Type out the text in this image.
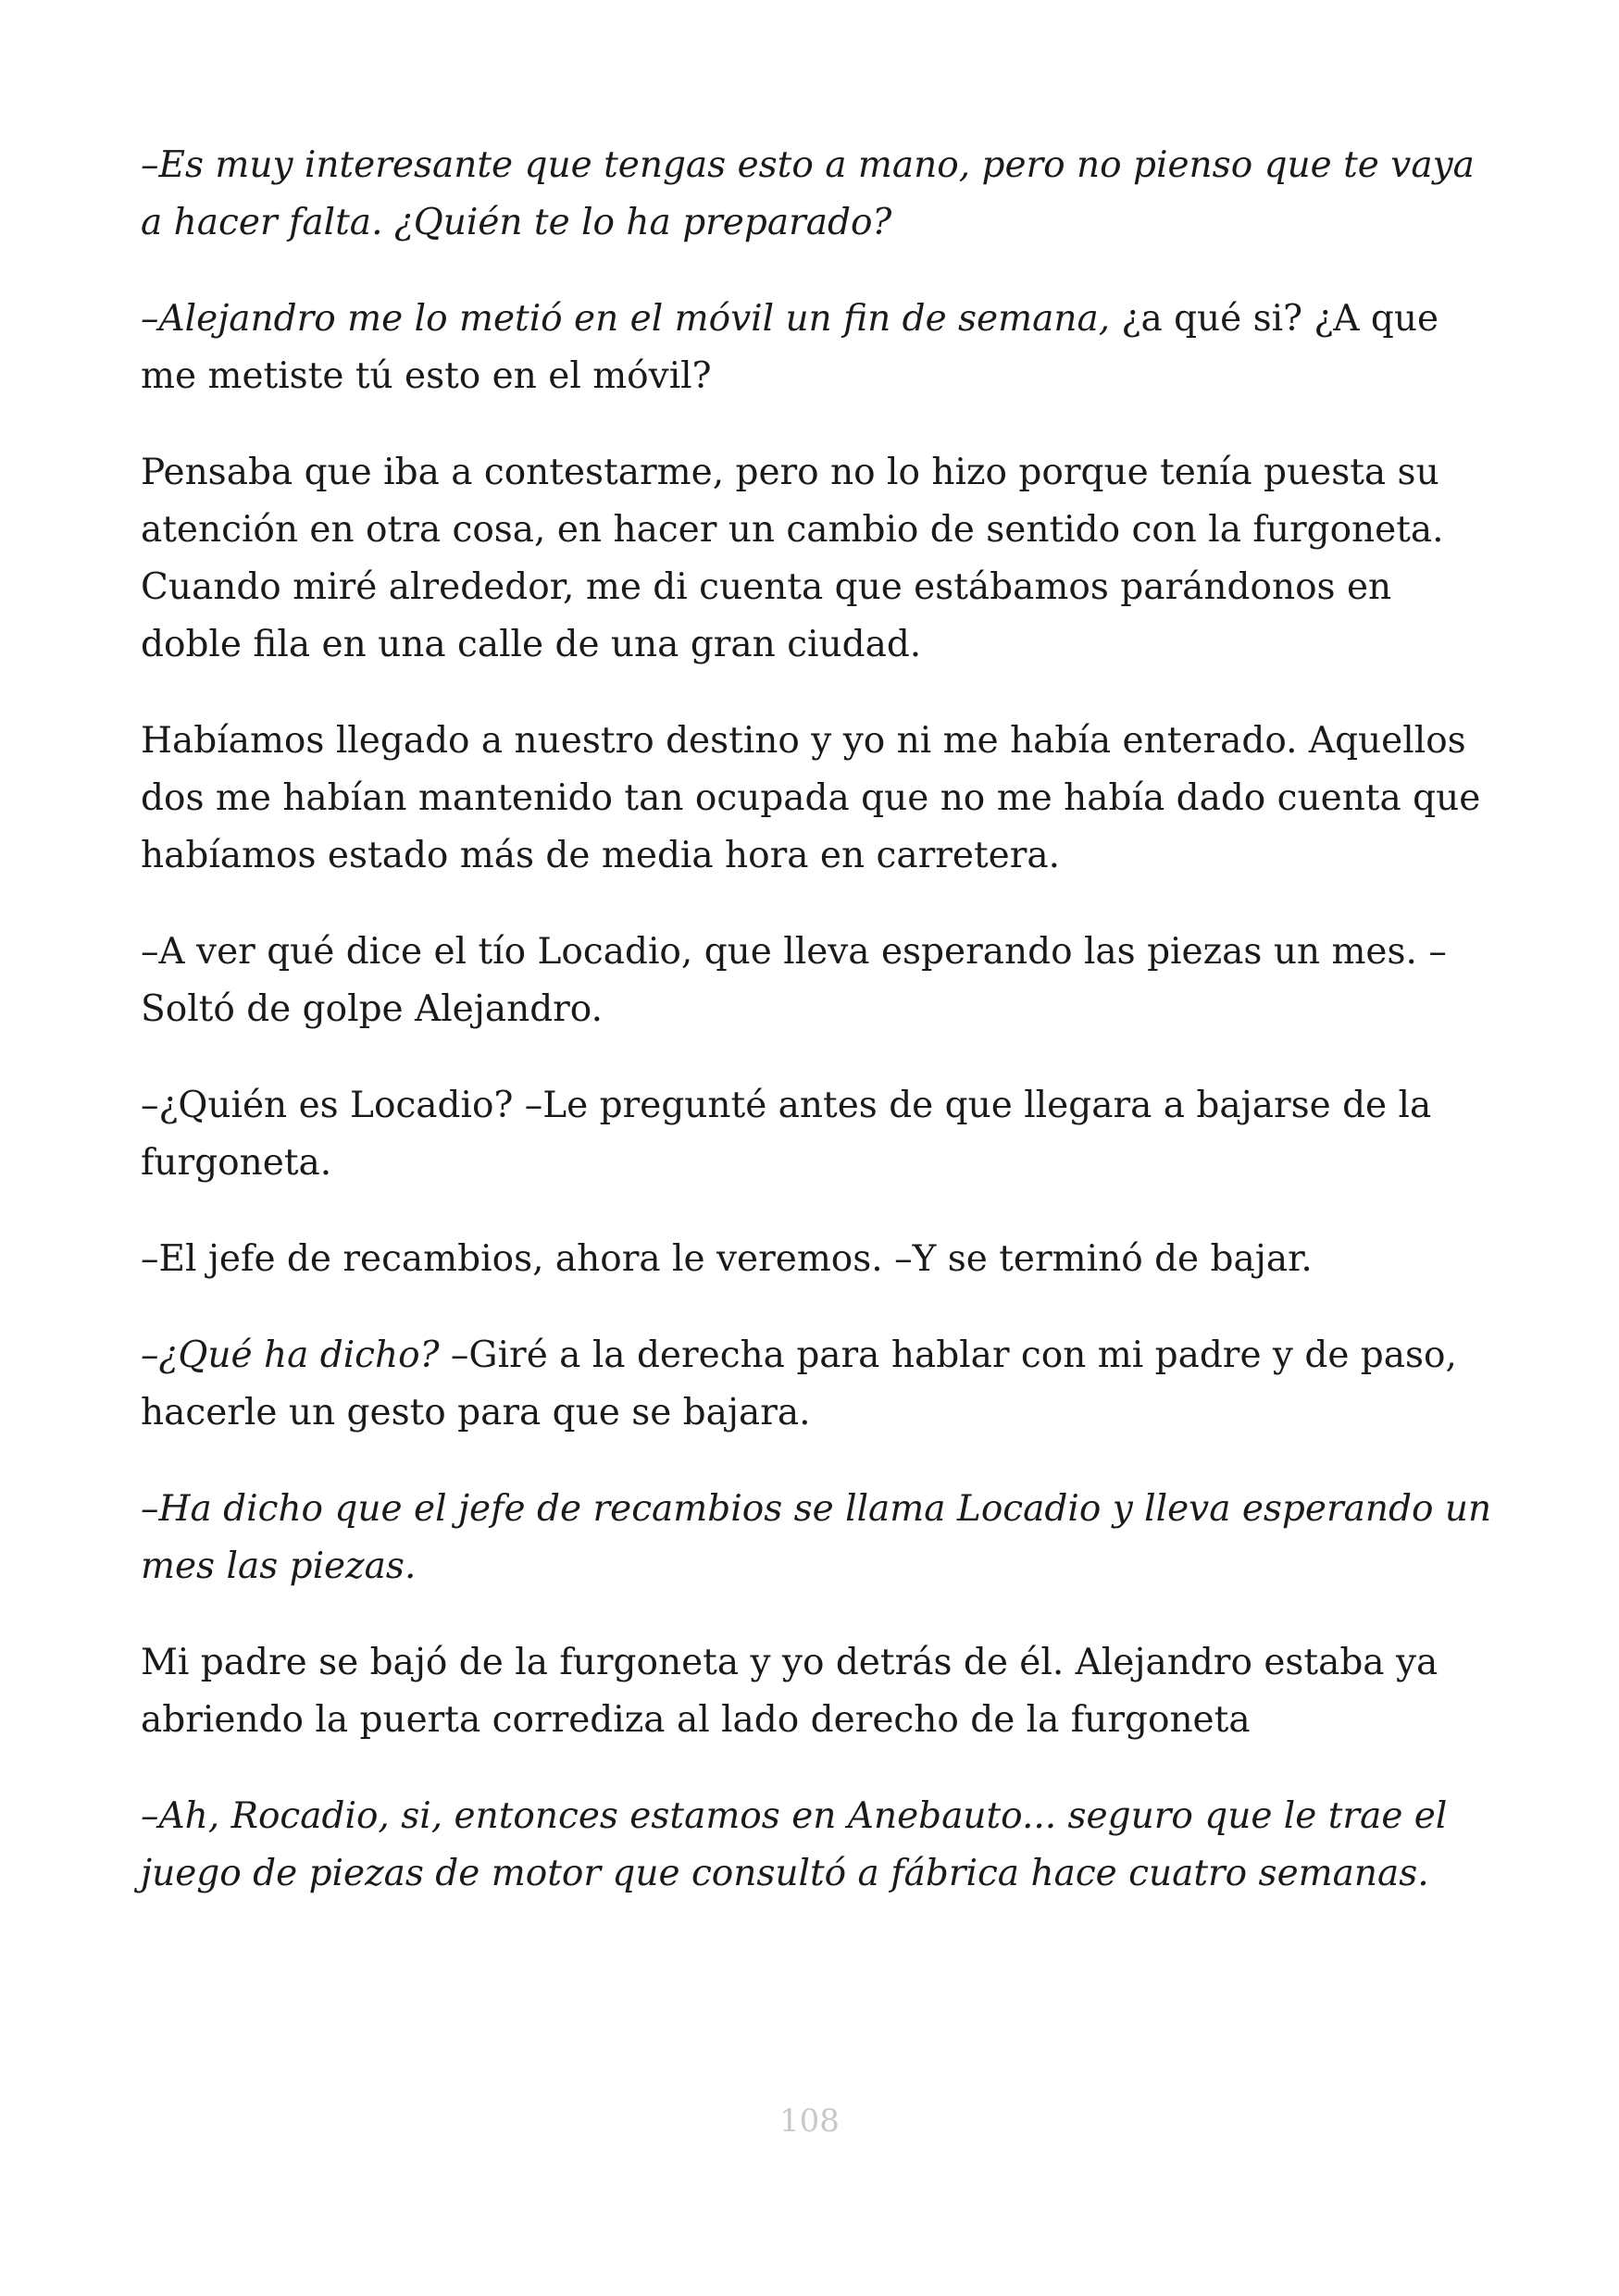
–Es muy interesante que tengas esto a mano, pero no pienso que te vaya a hacer falta. ¿Quién te lo ha preparado?

–Alejandro me lo metió en el móvil un fin de semana, ¿a qué si? ¿A que me metiste tú esto en el móvil?

Pensaba que iba a contestarme, pero no lo hizo porque tenía puesta su atención en otra cosa, en hacer un cambio de sentido con la furgoneta. Cuando miré alrededor, me di cuenta que estábamos parándonos en doble fila en una calle de una gran ciudad.

Habíamos llegado a nuestro destino y yo ni me había enterado. Aquellos dos me habían mantenido tan ocupada que no me había dado cuenta que habíamos estado más de media hora en carretera.

–A ver qué dice el tío Locadio, que lleva esperando las piezas un mes. –Soltó de golpe Alejandro.

–¿Quién es Locadio? –Le pregunté antes de que llegara a bajarse de la furgoneta.

–El jefe de recambios, ahora le veremos. –Y se terminó de bajar.

–¿Qué ha dicho? –Giré a la derecha para hablar con mi padre y de paso, hacerle un gesto para que se bajara.

–Ha dicho que el jefe de recambios se llama Locadio y lleva esperando un mes las piezas.

Mi padre se bajó de la furgoneta y yo detrás de él. Alejandro estaba ya abriendo la puerta corrediza al lado derecho de la furgoneta

–Ah, Rocadio, si, entonces estamos en Anebauto... seguro que le trae el juego de piezas de motor que consultó a fábrica hace cuatro semanas.

108
